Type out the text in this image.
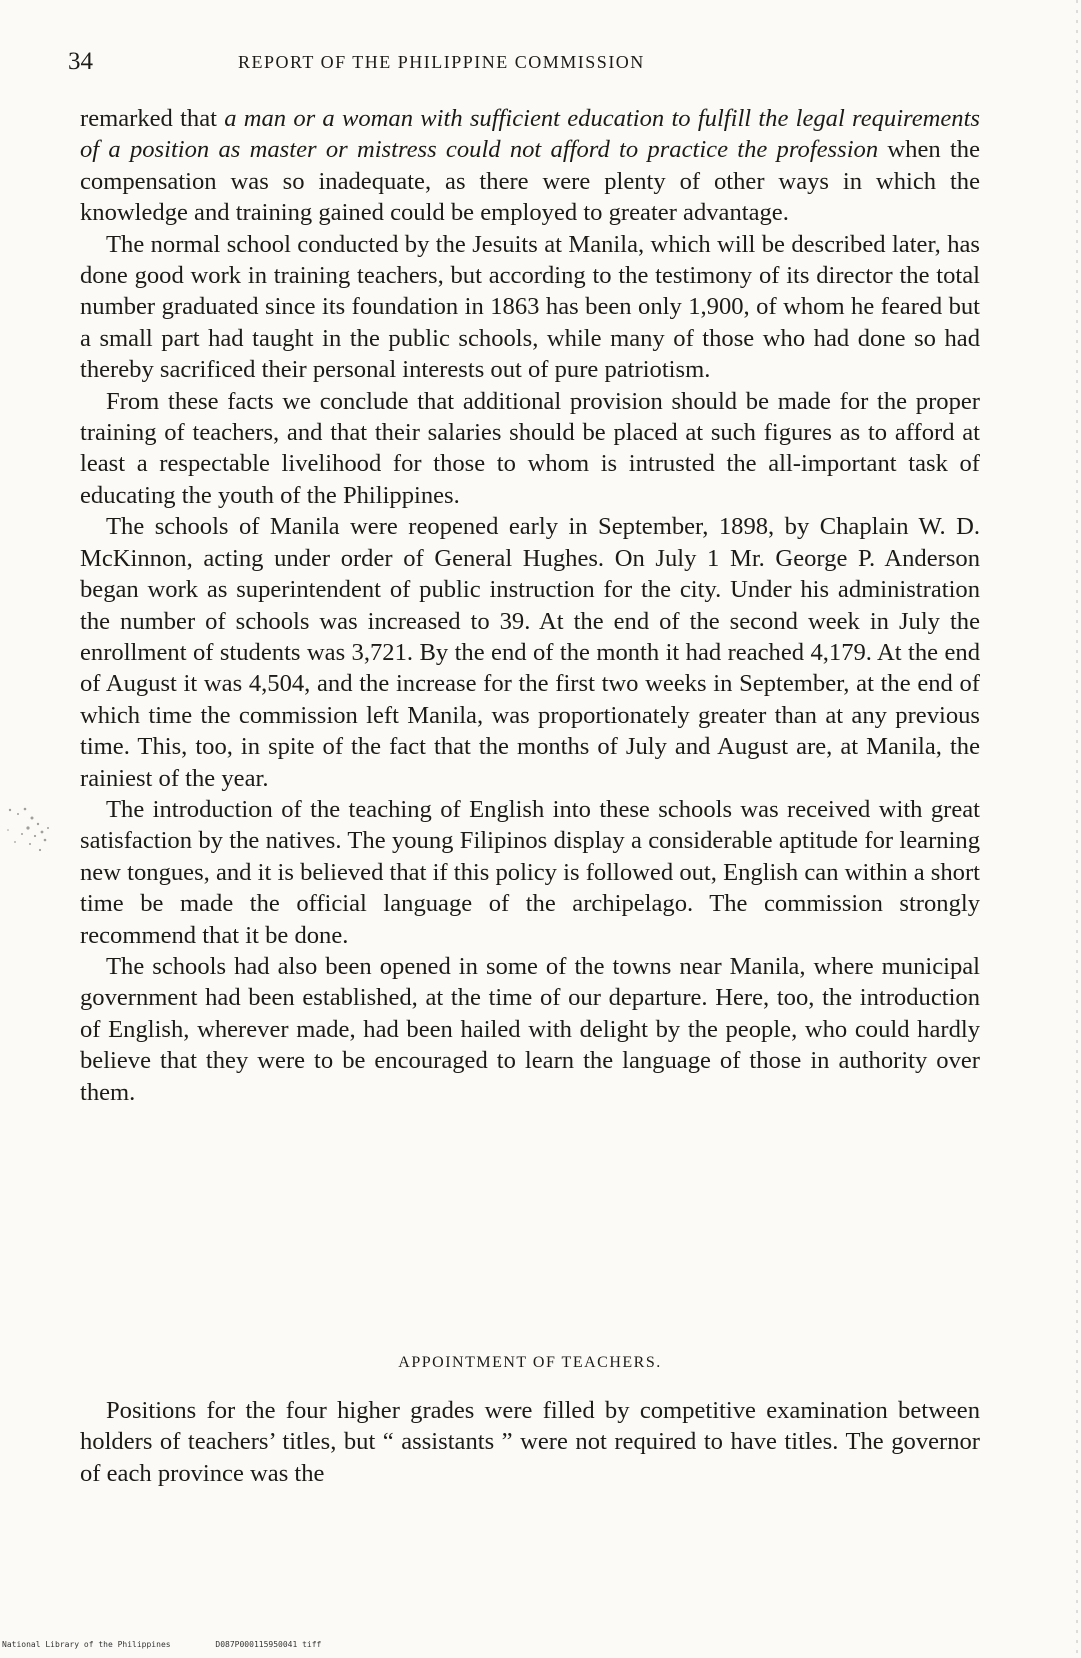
34	REPORT OF THE PHILIPPINE COMMISSION

remarked that a man or a woman with sufficient education to fulfill the legal requirements of a position as master or mistress could not afford to practice the profession when the compensation was so inadequate, as there were plenty of other ways in which the knowledge and training gained could be employed to greater advantage.

The normal school conducted by the Jesuits at Manila, which will be described later, has done good work in training teachers, but according to the testimony of its director the total number graduated since its foundation in 1863 has been only 1,900, of whom he feared but a small part had taught in the public schools, while many of those who had done so had thereby sacrificed their personal interests out of pure patriotism.

From these facts we conclude that additional provision should be made for the proper training of teachers, and that their salaries should be placed at such figures as to afford at least a respectable livelihood for those to whom is intrusted the all-important task of educating the youth of the Philippines.

The schools of Manila were reopened early in September, 1898, by Chaplain W. D. McKinnon, acting under order of General Hughes. On July 1 Mr. George P. Anderson began work as superintendent of public instruction for the city. Under his administration the number of schools was increased to 39. At the end of the second week in July the enrollment of students was 3,721. By the end of the month it had reached 4,179. At the end of August it was 4,504, and the increase for the first two weeks in September, at the end of which time the commission left Manila, was proportionately greater than at any previous time. This, too, in spite of the fact that the months of July and August are, at Manila, the rainiest of the year.

The introduction of the teaching of English into these schools was received with great satisfaction by the natives. The young Filipinos display a considerable aptitude for learning new tongues, and it is believed that if this policy is followed out, English can within a short time be made the official language of the archipelago. The commission strongly recommend that it be done.

The schools had also been opened in some of the towns near Manila, where municipal government had been established, at the time of our departure. Here, too, the introduction of English, wherever made, had been hailed with delight by the people, who could hardly believe that they were to be encouraged to learn the language of those in authority over them.

APPOINTMENT OF TEACHERS.

Positions for the four higher grades were filled by competitive examination between holders of teachers’ titles, but “ assistants ” were not required to have titles. The governor of each province was the

National Library of the Philippines	D087P000115950041 tiff
